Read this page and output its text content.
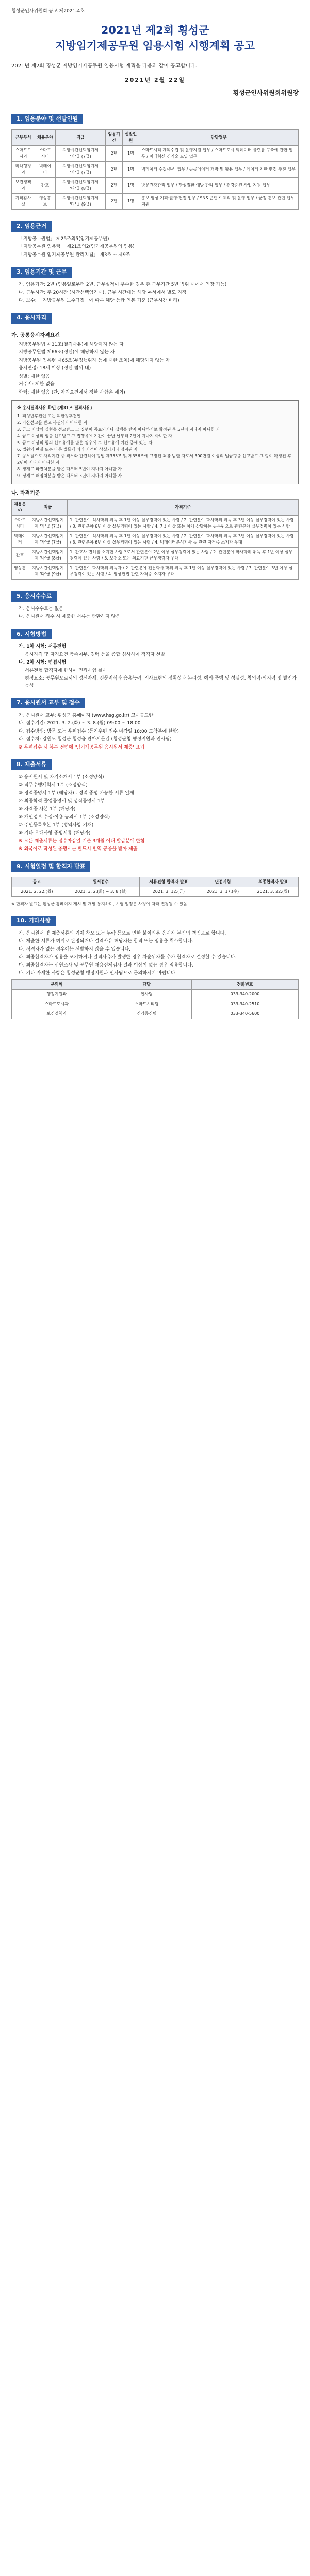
횡성군인사위원회 공고 제2021-4호
2021년 제2회 횡성군
지방임기제공무원 임용시험 시행계획 공고

2021년 제2회 횡성군 지방임기제공무원 임용시험 계획을 다음과 같이 공고합니다.

2021년 2월 22일
횡성군인사위원회위원장
1. 임용분야 및 선발인원
근무부서	채용분야	직급	임용기간	선발인원	담당업무
스마트도시과	스마트시티	지방시간선택임기제 '가'급 (7급)	2년	1명	스마트시티 계획수립 및 운영지원 업무 / 스마트도시 빅데이터 플랫폼 구축에 관한 업무 / 미래혁신 신기술 도입 업무
미래행정과	빅데이터	지방시간선택임기제 '가'급 (7급)	2년	1명	빅데이터 수집·분석 업무 / 공공데이터 개방 및 활용 업무 / 데이터 기반 행정 추진 업무
보건정책과	간호	지방시간선택임기제 '나'급 (8급)	2년	1명	방문건강관리 업무 / 만성질환 예방 관리 업무 / 건강증진 사업 지원 업무
기획감사실	영상홍보	지방시간선택임기제 '다'급 (9급)	2년	1명	홍보 영상 기획·촬영·편집 업무 / SNS 콘텐츠 제작 및 운영 업무 / 군정 홍보 관련 업무 지원
2. 임용근거
「지방공무원법」 제25조의5(임기제공무원)
「지방공무원 임용령」 제21조의2(임기제공무원의 임용)
「지방공무원 임기제공무원 관리지침」 제3조 ~ 제9조
3. 임용기간 및 근무
가. 임용기간: 2년 (임용일로부터 2년, 근무실적이 우수한 경우 총 근무기간 5년 범위 내에서 연장 가능)
나. 근무시간: 주 20시간 (시간선택임기제), 근무 시간대는 해당 부서에서 별도 지정
다. 보수: 「지방공무원 보수규정」에 따른 해당 등급 연봉 기준 (근무시간 비례)
4. 응시자격
가. 공통응시자격요건
지방공무원법 제31조(결격사유)에 해당하지 않는 자
지방공무원법 제66조(정년)에 해당하지 않는 자
지방공무원 임용령 제65조(부정행위자 등에 대한 조치)에 해당하지 않는 자
응시연령: 18세 이상 (정년 범위 내)
성별: 제한 없음
거주지: 제한 없음
학력: 제한 없음 (단, 자격요건에서 정한 사항은 예외)
※ 응시결격사유 확인 (제31조 결격사유)
1. 피성년후견인 또는 피한정후견인
2. 파산선고를 받고 복권되지 아니한 자
3. 금고 이상의 실형을 선고받고 그 집행이 종료되거나 집행을 받지 아니하기로 확정된 후 5년이 지나지 아니한 자
4. 금고 이상의 형을 선고받고 그 집행유예 기간이 끝난 날부터 2년이 지나지 아니한 자
5. 금고 이상의 형의 선고유예를 받은 경우에 그 선고유예 기간 중에 있는 자
6. 법원의 판결 또는 다른 법률에 따라 자격이 상실되거나 정지된 자
7. 공무원으로 재직기간 중 직무와 관련하여 형법 제355조 및 제356조에 규정된 죄를 범한 자로서 300만원 이상의 벌금형을 선고받고 그 형이 확정된 후 2년이 지나지 아니한 자
8. 징계로 파면처분을 받은 때부터 5년이 지나지 아니한 자
9. 징계로 해임처분을 받은 때부터 3년이 지나지 아니한 자
나. 자격기준
채용분야	직급	자격기준
스마트시티	지방시간선택임기제 '가'급 (7급)	1. 관련분야 석사학위 취득 후 1년 이상 실무경력이 있는 사람 / 2. 관련분야 학사학위 취득 후 3년 이상 실무경력이 있는 사람 / 3. 관련분야 6년 이상 실무경력이 있는 사람 / 4. 7급 이상 또는 이에 상당하는 공무원으로 관련분야 실무경력이 있는 사람
빅데이터	지방시간선택임기제 '가'급 (7급)	1. 관련분야 석사학위 취득 후 1년 이상 실무경력이 있는 사람 / 2. 관련분야 학사학위 취득 후 3년 이상 실무경력이 있는 사람 / 3. 관련분야 6년 이상 실무경력이 있는 사람 / 4. 빅데이터분석기사 등 관련 자격증 소지자 우대
간호	지방시간선택임기제 '나'급 (8급)	1. 간호사 면허를 소지한 사람으로서 관련분야 2년 이상 실무경력이 있는 사람 / 2. 관련분야 학사학위 취득 후 1년 이상 실무경력이 있는 사람 / 3. 보건소 또는 의료기관 근무경력자 우대
영상홍보	지방시간선택임기제 '다'급 (9급)	1. 관련분야 학사학위 취득자 / 2. 관련분야 전문학사 학위 취득 후 1년 이상 실무경력이 있는 사람 / 3. 관련분야 3년 이상 실무경력이 있는 사람 / 4. 영상편집 관련 자격증 소지자 우대
5. 응시수수료
가. 응시수수료는 없음
나. 응시원서 접수 시 제출한 서류는 반환하지 않음
6. 시험방법
가. 1차 시험: 서류전형
응시자격 및 자격요건 충족여부, 경력 등을 종합 심사하여 적격자 선발
나. 2차 시험: 면접시험
서류전형 합격자에 한하여 면접시험 실시
평정요소: 공무원으로서의 정신자세, 전문지식과 응용능력, 의사표현의 정확성과 논리성, 예의·품행 및 성실성, 창의력·의지력 및 발전가능성
7. 응시원서 교부 및 접수
가. 응시원서 교부: 횡성군 홈페이지 (www.hsg.go.kr) 고시공고란
나. 접수기간: 2021. 3. 2.(화) ~ 3. 8.(월) 09:00 ~ 18:00
다. 접수방법: 방문 또는 우편접수 (등기우편 접수 마감일 18:00 도착분에 한함)
라. 접수처: 강원도 횡성군 횡성읍 관아서문길 (횡성군청 행정지원과 인사팀)
※ 우편접수 시 봉투 전면에 '임기제공무원 응시원서 재중' 표기
8. 제출서류
① 응시원서 및 자기소개서 1부 (소정양식)
② 직무수행계획서 1부 (소정양식)
③ 경력증명서 1부 (해당자) - 경력 증명 가능한 서류 일체
④ 최종학력 졸업증명서 및 성적증명서 1부
⑤ 자격증 사본 1부 (해당자)
⑥ 개인정보 수집·이용 동의서 1부 (소정양식)
⑦ 주민등록초본 1부 (병역사항 기재)
⑧ 기타 우대사항 증빙서류 (해당자)
※ 모든 제출서류는 접수마감일 기준 3개월 이내 발급분에 한함
※ 외국어로 작성된 증명서는 반드시 번역 공증을 받아 제출
9. 시험일정 및 합격자 발표
공고	원서접수	서류전형 합격자 발표	면접시험	최종합격자 발표
2021. 2. 22.(월)	2021. 3. 2.(화) ~ 3. 8.(월)	2021. 3. 12.(금)	2021. 3. 17.(수)	2021. 3. 22.(월)
※ 합격자 발표는 횡성군 홈페이지 게시 및 개별 통지하며, 시험 일정은 사정에 따라 변경될 수 있음
10. 기타사항
가. 응시원서 및 제출서류의 기재 착오 또는 누락 등으로 인한 불이익은 응시자 본인의 책임으로 합니다.
나. 제출한 서류가 허위로 판명되거나 결격사유 해당자는 합격 또는 임용을 취소합니다.
다. 적격자가 없는 경우에는 선발하지 않을 수 있습니다.
라. 최종합격자가 임용을 포기하거나 결격사유가 발생한 경우 차순위자를 추가 합격자로 결정할 수 있습니다.
마. 최종합격자는 신원조사 및 공무원 채용신체검사 결과 이상이 없는 경우 임용합니다.
바. 기타 자세한 사항은 횡성군청 행정지원과 인사팀으로 문의하시기 바랍니다.
문의처	담당	전화번호
행정지원과	인사팀	033-340-2000
스마트도시과	스마트시티팀	033-340-2510
보건정책과	건강증진팀	033-340-5600
